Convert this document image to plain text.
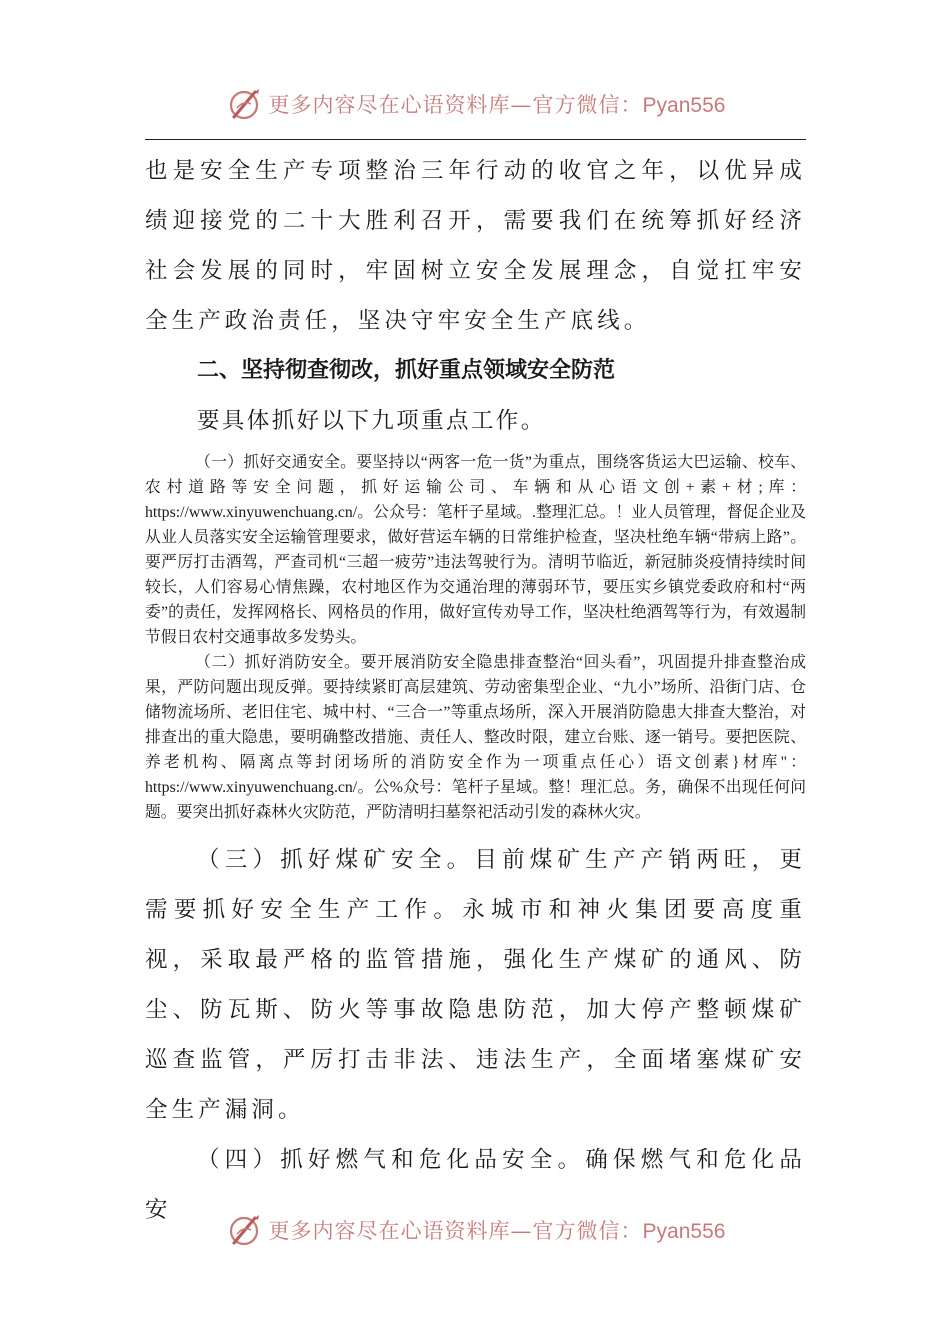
更多内容尽在心语资料库—官方微信：Pyan556

也是安全生产专项整治三年行动的收官之年，以优异成绩迎接党的二十大胜利召开，需要我们在统筹抓好经济社会发展的同时，牢固树立安全发展理念，自觉扛牢安全生产政治责任，坚决守牢安全生产底线。

二、坚持彻查彻改，抓好重点领域安全防范

要具体抓好以下九项重点工作。

（一）抓好交通安全。要坚持以“两客一危一货”为重点，围绕客货运大巴运输、校车、农村道路等安全问题，抓好运输公司、车辆和从心语文创+素+材;库：https://www.xinyuwenchuang.cn/。公众号：笔杆子星域。.整理汇总。！业人员管理，督促企业及从业人员落实安全运输管理要求，做好营运车辆的日常维护检查，坚决杜绝车辆“带病上路”。要严厉打击酒驾，严查司机“三超一疲劳”违法驾驶行为。清明节临近，新冠肺炎疫情持续时间较长，人们容易心情焦躁，农村地区作为交通治理的薄弱环节，要压实乡镇党委政府和村“两委”的责任，发挥网格长、网格员的作用，做好宣传劝导工作，坚决杜绝酒驾等行为，有效遏制节假日农村交通事故多发势头。

（二）抓好消防安全。要开展消防安全隐患排查整治“回头看”，巩固提升排查整治成果，严防问题出现反弹。要持续紧盯高层建筑、劳动密集型企业、“九小”场所、沿街门店、仓储物流场所、老旧住宅、城中村、“三合一”等重点场所，深入开展消防隐患大排查大整治，对排查出的重大隐患，要明确整改措施、责任人、整改时限，建立台账、逐一销号。要把医院、养老机构、隔离点等封闭场所的消防安全作为一项重点任心）语文创素}材库"：https://www.xinyuwenchuang.cn/。公%众号：笔杆子星域。整！理汇总。务，确保不出现任何问题。要突出抓好森林火灾防范，严防清明扫墓祭祀活动引发的森林火灾。

（三）抓好煤矿安全。目前煤矿生产产销两旺，更需要抓好安全生产工作。永城市和神火集团要高度重视，采取最严格的监管措施，强化生产煤矿的通风、防尘、防瓦斯、防火等事故隐患防范，加大停产整顿煤矿巡查监管，严厉打击非法、违法生产，全面堵塞煤矿安全生产漏洞。

（四）抓好燃气和危化品安全。确保燃气和危化品安

更多内容尽在心语资料库—官方微信：Pyan556
